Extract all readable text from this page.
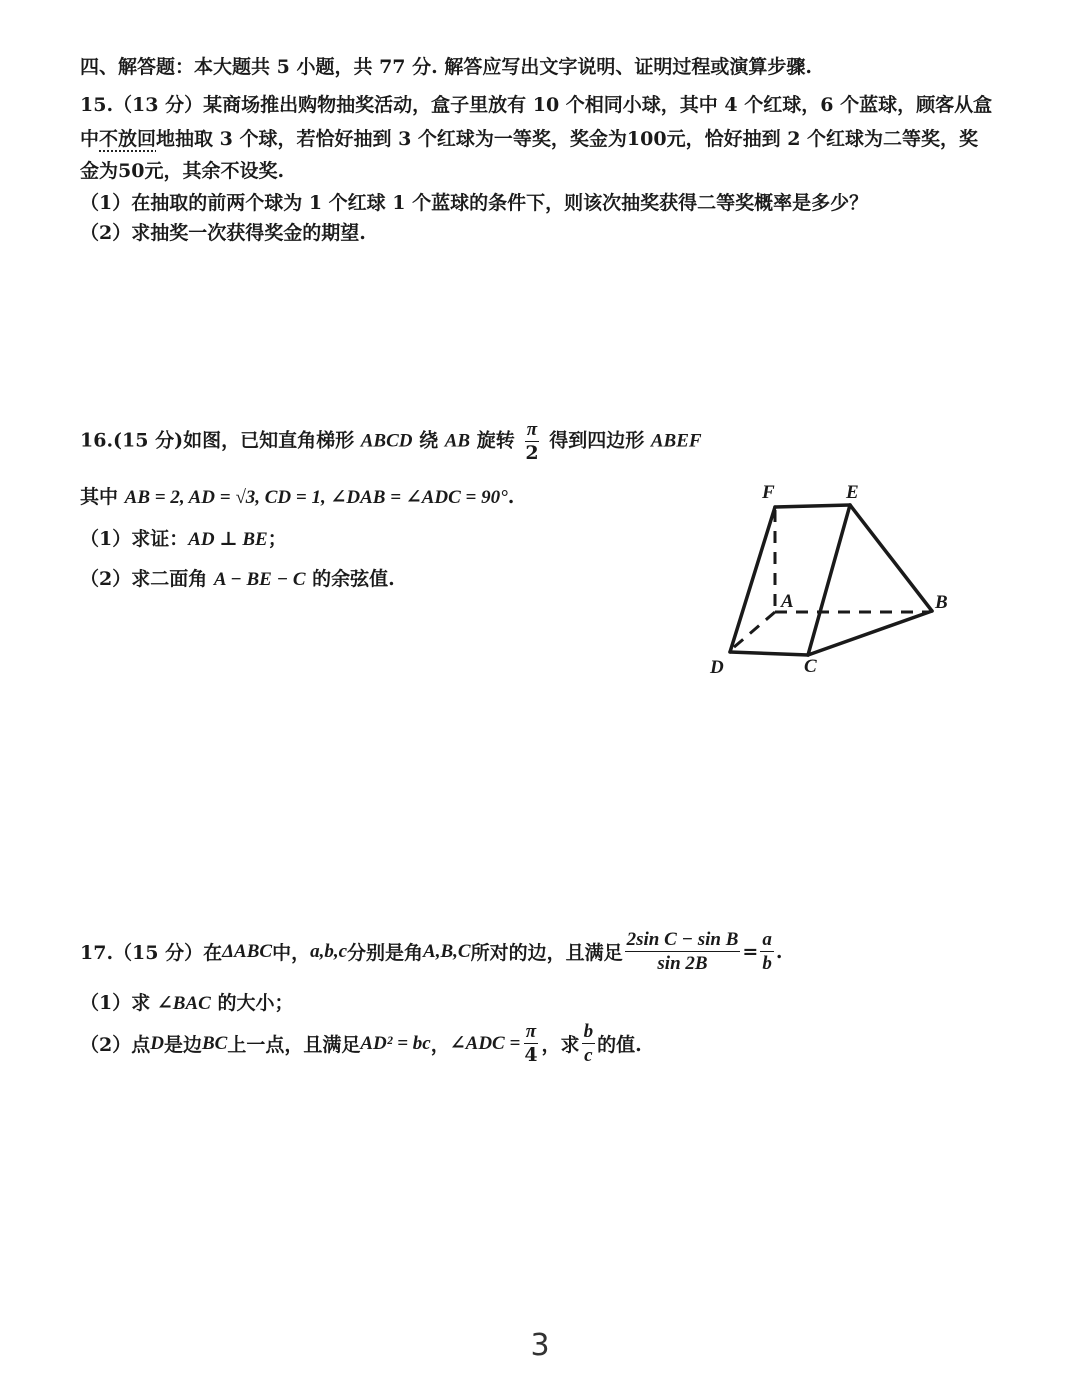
四、解答题：本大题共 5 小题，共 77 分. 解答应写出文字说明、证明过程或演算步骤.
15.（13 分）某商场推出购物抽奖活动，盒子里放有 10 个相同小球，其中 4 个红球，6 个蓝球，顾客从盒
中不放回地抽取 3 个球，若恰好抽到 3 个红球为一等奖，奖金为100元，恰好抽到 2 个红球为二等奖，奖
金为50元，其余不设奖.
（1）在抽取的前两个球为 1 个红球 1 个蓝球的条件下，则该次抽奖获得二等奖概率是多少？
（2）求抽奖一次获得奖金的期望.
16.(15 分)如图，已知直角梯形 ABCD 绕 AB 旋转 $\frac{\pi}{2}$ 得到四边形 ABEF
其中 AB = 2, AD = √3, CD = 1, ∠DAB = ∠ADC = 90°.
（1）求证：AD ⊥ BE；
（2）求二面角 A − BE − C 的余弦值.
F	E
A	B
D	C
17.（15 分）在 ΔABC 中， a,b,c 分别是角 A,B,C 所对的边，且满足 $\frac{\text{2sin C − sin B}}{\sin 2B} = \frac{a}{b}$ .
（1）求 ∠BAC 的大小；
（2）点 D 是边 BC 上一点，且满足 AD² = bc ， ∠ADC = $\frac{\pi}{4}$ ，求 $\frac{b}{c}$ 的值.
3
